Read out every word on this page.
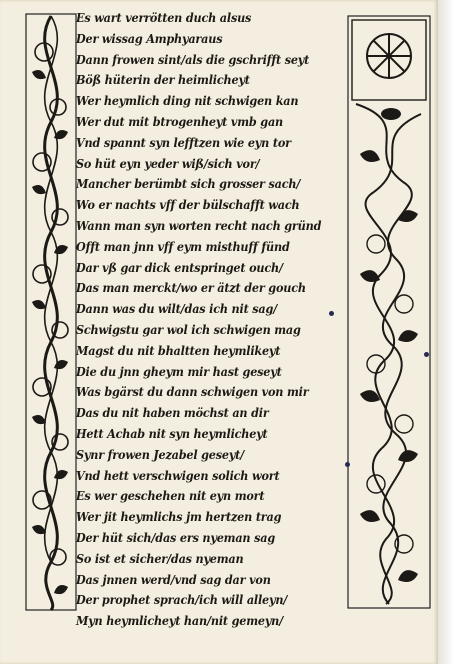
Es wart verrötten duch alsus
Der wissag Amphyaraus
Dann frowen sint/als die gschrifft seyt
Böß hüterin der heimlicheyt
Wer heymlich ding nit schwigen kan
Wer dut mit btrogenheyt vmb gan
Vnd spannt syn lefftzen wie eyn tor
So hüt eyn yeder wiß/sich vor/
Mancher berümbt sich grosser sach/
Wo er nachts vff der bülschafft wach
Wann man syn worten recht nach gründ
Offt man jnn vff eym misthuff fünd
Dar vß gar dick entspringet ouch/
Das man merckt/wo er ätzt der gouch
Dann was du wilt/das ich nit sag/
Schwigstu gar wol ich schwigen mag
Magst du nit bhaltten heymlikeyt
Die du jnn gheym mir hast geseyt
Was bgärst du dann schwigen von mir
Das du nit haben möchst an dir
Hett Achab nit syn heymlicheyt
Synr frowen Jezabel geseyt/
Vnd hett verschwigen solich wort
Es wer geschehen nit eyn mort
Wer jit heymlichs jm hertzen trag
Der hüt sich/das ers nyeman sag
So ist et sicher/das nyeman
Das jnnen werd/vnd sag dar von
Der prophet sprach/ich will alleyn/
Myn heymlicheyt han/nit gemeyn/
